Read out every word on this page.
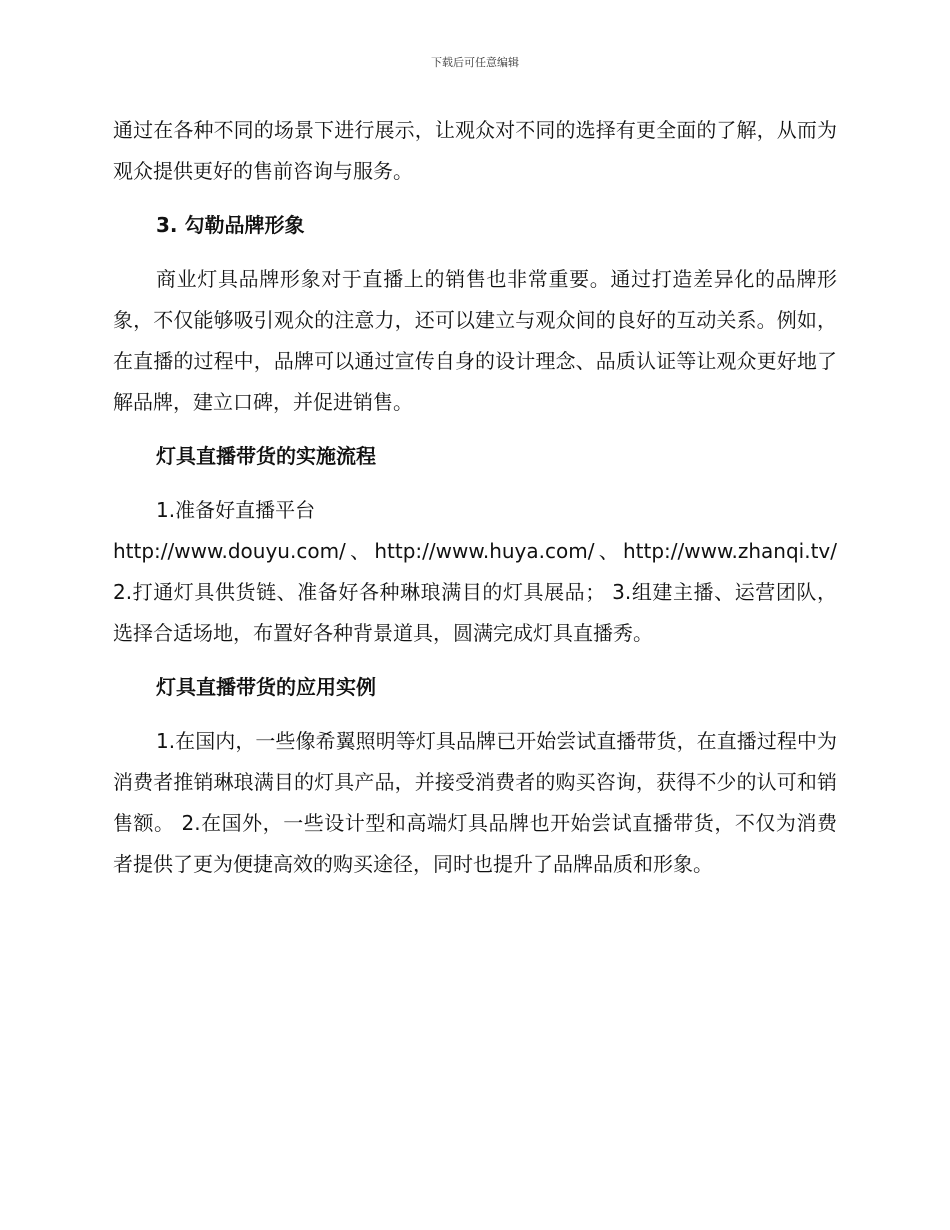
下载后可任意编辑

通过在各种不同的场景下进行展示，让观众对不同的选择有更全面的了解，从而为观众提供更好的售前咨询与服务。

3. 勾勒品牌形象

商业灯具品牌形象对于直播上的销售也非常重要。通过打造差异化的品牌形象，不仅能够吸引观众的注意力，还可以建立与观众间的良好的互动关系。例如，在直播的过程中，品牌可以通过宣传自身的设计理念、品质认证等让观众更好地了解品牌，建立口碑，并促进销售。

灯具直播带货的实施流程
1.准备好直播平台
http://www.douyu.com/、http://www.huya.com/、http://www.zhanqi.tv/ 2.打通灯具供货链、准备好各种琳琅满目的灯具展品； 3.组建主播、运营团队，选择合适场地，布置好各种背景道具，圆满完成灯具直播秀。
灯具直播带货的应用实例

1.在国内，一些像希翼照明等灯具品牌已开始尝试直播带货，在直播过程中为消费者推销琳琅满目的灯具产品，并接受消费者的购买咨询，获得不少的认可和销售额。 2.在国外，一些设计型和高端灯具品牌也开始尝试直播带货，不仅为消费者提供了更为便捷高效的购买途径，同时也提升了品牌品质和形象。
